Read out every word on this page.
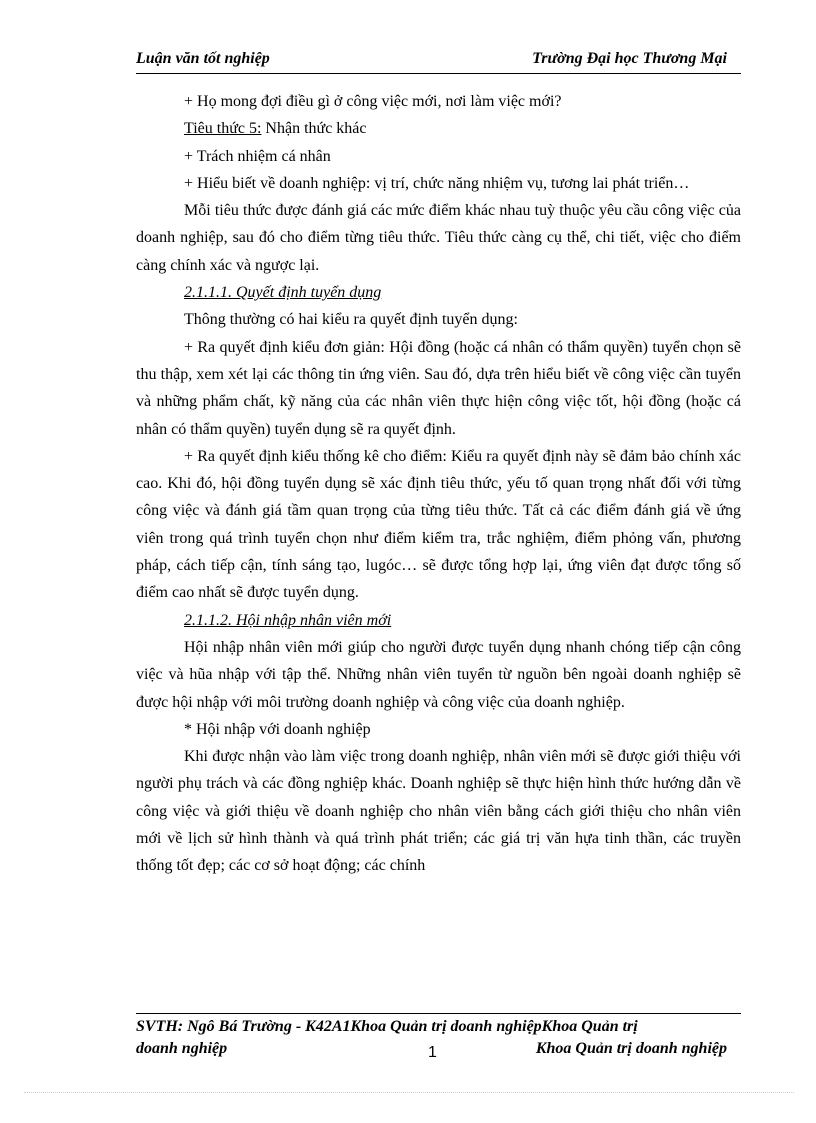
Luận văn tốt nghiệp	Trường Đại học Thương Mại

+ Họ mong đợi điều gì ở công việc mới, nơi làm việc mới?

Tiêu thức 5: Nhận thức khác

+ Trách nhiệm cá nhân

+ Hiểu biết về doanh nghiệp: vị trí, chức năng nhiệm vụ, tương lai phát triển…

Mỗi tiêu thức được đánh giá các mức điểm khác nhau tuỳ thuộc yêu cầu công việc của doanh nghiệp, sau đó cho điểm từng tiêu thức. Tiêu thức càng cụ thể, chi tiết, việc cho điểm càng chính xác và ngược lại.

2.1.1.1. Quyết định tuyển dụng

Thông thường có hai kiểu ra quyết định tuyển dụng:

+ Ra quyết định kiểu đơn giản: Hội đồng (hoặc cá nhân có thẩm quyền) tuyển chọn sẽ thu thập, xem xét lại các thông tin ứng viên. Sau đó, dựa trên hiểu biết về công việc cần tuyển và những phẩm chất, kỹ năng của các nhân viên thực hiện công việc tốt, hội đồng (hoặc cá nhân có thẩm quyền) tuyển dụng sẽ ra quyết định.

+ Ra quyết định kiểu thống kê cho điểm: Kiểu ra quyết định này sẽ đảm bảo chính xác cao. Khi đó, hội đồng tuyển dụng sẽ xác định tiêu thức, yếu tố quan trọng nhất đối với từng công việc và đánh giá tầm quan trọng của từng tiêu thức. Tất cả các điểm đánh giá về ứng viên trong quá trình tuyển chọn như điểm kiểm tra, trắc nghiệm, điểm phỏng vấn, phương pháp, cách tiếp cận, tính sáng tạo, lugóc… sẽ được tổng hợp lại, ứng viên đạt được tổng số điểm cao nhất sẽ được tuyển dụng.

2.1.1.2. Hội nhập nhân viên mới

Hội nhập nhân viên mới giúp cho người được tuyển dụng nhanh chóng tiếp cận công việc và hũa nhập với tập thể. Những nhân viên tuyển từ nguồn bên ngoài doanh nghiệp sẽ được hội nhập với môi trường doanh nghiệp và công việc của doanh nghiệp.

* Hội nhập với doanh nghiệp

Khi được nhận vào làm việc trong doanh nghiệp, nhân viên mới sẽ được giới thiệu với người phụ trách và các đồng nghiệp khác. Doanh nghiệp sẽ thực hiện hình thức hướng dẫn về công việc và giới thiệu về doanh nghiệp cho nhân viên bằng cách giới thiệu cho nhân viên mới về lịch sử hình thành và quá trình phát triển; các giá trị văn hựa tinh thần, các truyền thống tốt đẹp; các cơ sở hoạt động; các chính

SVTH: Ngô Bá Trường - K42A1Khoa Quản trị doanh nghiệpKhoa Quản trị
doanh nghiệp	1	Khoa Quản trị doanh nghiệp
